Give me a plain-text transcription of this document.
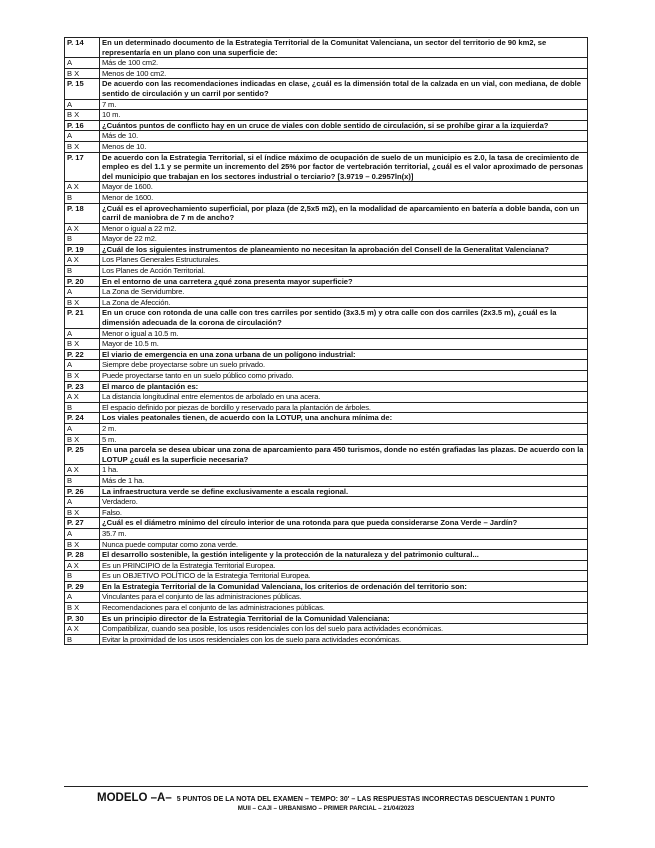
P. 14	En un determinado documento de la Estrategia Territorial de la Comunitat Valenciana, un sector del territorio de 90 km2, se representaría en un plano con una superficie de:
A	Más de 100 cm2.
B X	Menos de 100 cm2.
P. 15	De acuerdo con las recomendaciones indicadas en clase, ¿cuál es la dimensión total de la calzada en un vial, con mediana, de doble sentido de circulación y un carril por sentido?
A	7 m.
B X	10 m.
P. 16	¿Cuántos puntos de conflicto hay en un cruce de viales con doble sentido de circulación, si se prohíbe girar a la izquierda?
A	Más de 10.
B X	Menos de 10.
P. 17	De acuerdo con la Estrategia Territorial, si el índice máximo de ocupación de suelo de un municipio es 2.0, la tasa de crecimiento de empleo es del 1.1 y se permite un incremento del 25% por factor de vertebración territorial, ¿cuál es el valor aproximado de personas del municipio que trabajan en los sectores industrial o terciario? [3.9719 – 0.2957ln(x)]
A X	Mayor de 1600.
B	Menor de 1600.
P. 18	¿Cuál es el aprovechamiento superficial, por plaza (de 2,5x5 m2), en la modalidad de aparcamiento en batería a doble banda, con un carril de maniobra de 7 m de ancho?
A X	Menor o igual a 22 m2.
B	Mayor de 22 m2.
P. 19	¿Cuál de los siguientes instrumentos de planeamiento no necesitan la aprobación del Consell de la Generalitat Valenciana?
A X	Los Planes Generales Estructurales.
B	Los Planes de Acción Territorial.
P. 20	En el entorno de una carretera ¿qué zona presenta mayor superficie?
A	La Zona de Servidumbre.
B X	La Zona de Afección.
P. 21	En un cruce con rotonda de una calle con tres carriles por sentido (3x3.5 m) y otra calle con dos carriles (2x3.5 m), ¿cuál es la dimensión adecuada de la corona de circulación?
A	Menor o igual a 10.5 m.
B X	Mayor de 10.5 m.
P. 22	El viario de emergencia en una zona urbana de un polígono industrial:
A	Siempre debe proyectarse sobre un suelo privado.
B X	Puede proyectarse tanto en un suelo público como privado.
P. 23	El marco de plantación es:
A X	La distancia longitudinal entre elementos de arbolado en una acera.
B	El espacio definido por piezas de bordillo y reservado para la plantación de árboles.
P. 24	Los viales peatonales tienen, de acuerdo con la LOTUP, una anchura mínima de:
A	2 m.
B X	5 m.
P. 25	En una parcela se desea ubicar una zona de aparcamiento para 450 turismos, donde no estén grafiadas las plazas. De acuerdo con la LOTUP ¿cuál es la superficie necesaria?
A X	1 ha.
B	Más de 1 ha.
P. 26	La infraestructura verde se define exclusivamente a escala regional.
A	Verdadero.
B X	Falso.
P. 27	¿Cuál es el diámetro mínimo del círculo interior de una rotonda para que pueda considerarse Zona Verde – Jardín?
A	35.7 m.
B X	Nunca puede computar como zona verde.
P. 28	El desarrollo sostenible, la gestión inteligente y la protección de la naturaleza y del patrimonio cultural...
A X	Es un PRINCIPIO de la Estrategia Territorial Europea.
B	Es un OBJETIVO POLÍTICO de la Estrategia Territorial Europea.
P. 29	En la Estrategia Territorial de la Comunidad Valenciana, los criterios de ordenación del territorio son:
A	Vinculantes para el conjunto de las administraciones públicas.
B X	Recomendaciones para el conjunto de las administraciones públicas.
P. 30	Es un principio director de la Estrategia Territorial de la Comunidad Valenciana:
A X	Compatibilizar, cuando sea posible, los usos residenciales con los del suelo para actividades económicas.
B	Evitar la proximidad de los usos residenciales con los de suelo para actividades económicas.
MODELO –A– 5 PUNTOS DE LA NOTA DEL EXAMEN – TEMPO: 30' – LAS RESPUESTAS INCORRECTAS DESCUENTAN 1 PUNTO
MUII – CAJI – URBANISMO – PRIMER PARCIAL – 21/04/2023
